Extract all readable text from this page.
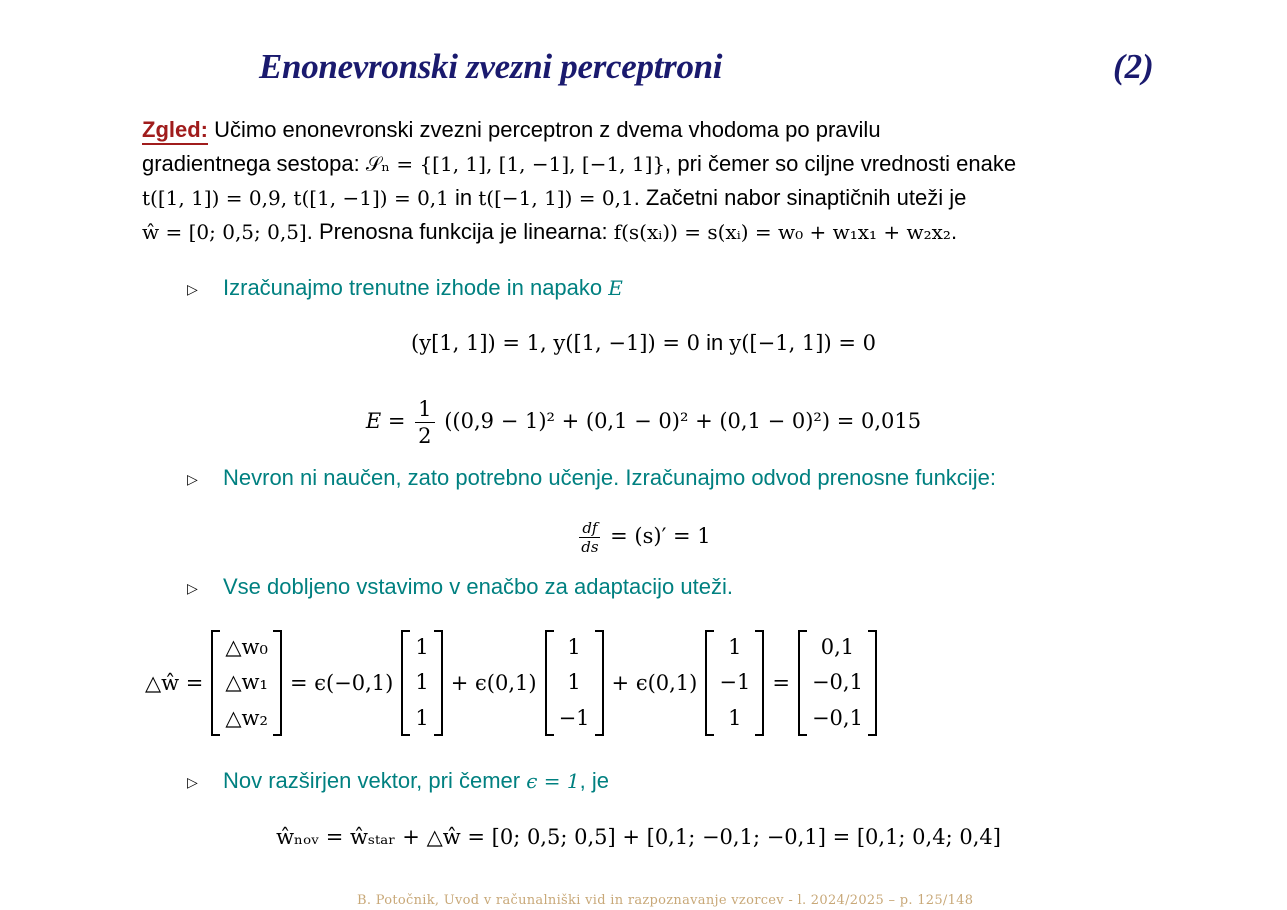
Enonevronski zvezni perceptroni	(2)
Zgled: Učimo enonevronski zvezni perceptron z dvema vhodoma po pravilu
gradientnega sestopa: 𝒮ₙ = {[1, 1], [1, −1], [−1, 1]}, pri čemer so ciljne vrednosti enake
t([1, 1]) = 0,9, t([1, −1]) = 0,1 in t([−1, 1]) = 0,1. Začetni nabor sinaptičnih uteži je
ŵ = [0; 0,5; 0,5]. Prenosna funkcija je linearna: f(s(xᵢ)) = s(xᵢ) = w₀ + w₁x₁ + w₂x₂.
▷ Izračunajmo trenutne izhode in napako E
(y[1, 1]) = 1, y([1, −1]) = 0 in y([−1, 1]) = 0
$E = \frac{1}{2} ((0,9 - 1)^2 + (0,1 - 0)^2 + (0,1 - 0)^2) = 0,015$
▷ Nevron ni naučen, zato potrebno učenje. Izračunajmo odvod prenosne funkcije:
$\frac{df}{ds} = (s)' = 1$
▷ Vse dobljeno vstavimo v enačbo za adaptacijo uteži.
△ŵ =
△w₀
△w₁
△w₂
= ϵ(−0,1)
1
1
1
+ ϵ(0,1)
1
1
−1
+ ϵ(0,1)
1
−1
1
=
0,1
−0,1
−0,1
▷ Nov razširjen vektor, pri čemer ϵ = 1, je
ŵₙₒᵥ = ŵₛₜₐᵣ + △ŵ = [0; 0,5; 0,5] + [0,1; −0,1; −0,1] = [0,1; 0,4; 0,4]
B. Potočnik, Uvod v računalniški vid in razpoznavanje vzorcev - l. 2024/2025 – p. 125/148
